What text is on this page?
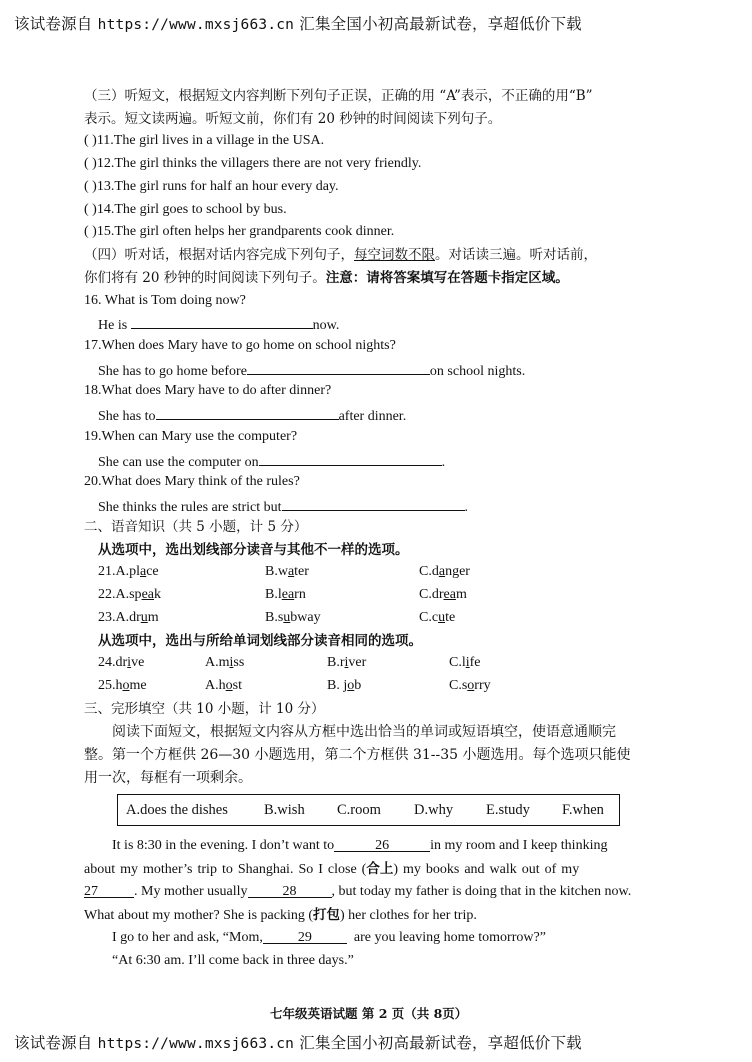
该试卷源自 https://www.mxsj663.cn 汇集全国小初高最新试卷，享超低价下载
（三）听短文，根据短文内容判断下列句子正误，正确的用 “A”表示，不正确的用“B”
表示。短文读两遍。听短文前，你们有 20 秒钟的时间阅读下列句子。
( )11.The girl lives in a village in the USA.
( )12.The girl thinks the villagers there are not very friendly.
( )13.The girl runs for half an hour every day.
( )14.The girl goes to school by bus.
( )15.The girl often helps her grandparents cook dinner.
（四）听对话，根据对话内容完成下列句子，每空词数不限。对话读三遍。听对话前，
你们将有 20 秒钟的时间阅读下列句子。注意：请将答案填写在答题卡指定区域。
16. What is Tom doing now?
He is	now.
17.When does Mary have to go home on school nights?
She has to go home before	on school nights.
18.What does Mary have to do after dinner?
She has to	after dinner.
19.When can Mary use the computer?
She can use the computer on	.
20.What does Mary think of the rules?
She thinks the rules are strict but	.
二、语音知识（共 5 小题，计 5 分）
从选项中，选出划线部分读音与其他不一样的选项。
21.A.place	B.water	C.danger
22.A.speak	B.learn	C.dream
23.A.drum	B.subway	C.cute
从选项中，选出与所给单词划线部分读音相同的选项。
24.drive	A.miss	B.river	C.life
25.home	A.host	B. job	C.sorry
三、完形填空（共 10 小题，计 10 分）
阅读下面短文，根据短文内容从方框中选出恰当的单词或短语填空，使语意通顺完
整。第一个方框供 26—30 小题选用，第二个方框供 31--35 小题选用。每个选项只能使
用一次，每框有一项剩余。
A.does the dishes B.wish C.room D.why E.study F.when
It is 8:30 in the evening. I don’t want to	26	in my room and I keep thinking
about my mother’s trip to Shanghai. So I close (合上) my books and walk out of my
27	. My mother usually	28	, but today my father is doing that in the kitchen now.
What about my mother? She is packing (打包) her clothes for her trip.
I go to her and ask, “Mom,	29	are you leaving home tomorrow?”
“At 6:30 am. I’ll come back in three days.”
七年级英语试题 第 2 页（共 8页）
该试卷源自 https://www.mxsj663.cn 汇集全国小初高最新试卷，享超低价下载
